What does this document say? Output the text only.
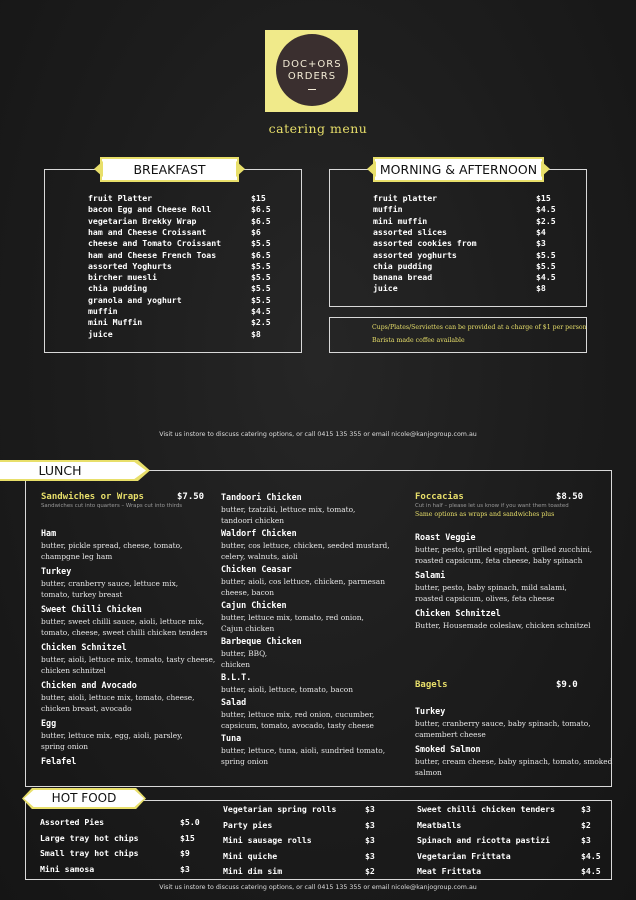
DOC+ORS
ORDERS
catering menu
BREAKFAST
fruit Platter	$15
bacon Egg and Cheese Roll	$6.5
vegetarian Brekky Wrap	$6.5
ham and Cheese Croissant	$6
cheese and Tomato Croissant	$5.5
ham and Cheese French Toas	$6.5
assorted Yoghurts	$5.5
bircher muesli	$5.5
chia pudding	$5.5
granola and yoghurt	$5.5
muffin	$4.5
mini Muffin	$2.5
juice	$8
MORNING & AFTERNOON
fruit platter	$15
muffin	$4.5
mini muffin	$2.5
assorted slices	$4
assorted cookies from	$3
assorted yoghurts	$5.5
chia pudding	$5.5
banana bread	$4.5
juice	$8
Cups/Plates/Serviettes can be provided at a charge of $1 per person
Barista made coffee available
Visit us instore to discuss catering options, or call 0415 135 355 or email nicole@kanjogroup.com.au
LUNCH
Sandwiches or Wraps	$7.50
Sandwiches cut into quarters – Wraps cut into thirds
Ham
butter, pickle spread, cheese, tomato,
champgne leg ham
Turkey
butter, cranberry sauce, lettuce mix,
tomato, turkey breast
Sweet Chilli Chicken
butter, sweet chilli sauce, aioli, lettuce mix,
tomato, cheese, sweet chilli chicken tenders
Chicken Schnitzel
butter, aioli, lettuce mix, tomato, tasty cheese,
chicken schnitzel
Chicken and Avocado
butter, aioli, lettuce mix, tomato, cheese,
chicken breast, avocado
Egg
butter, lettuce mix, egg, aioli, parsley,
spring onion
Felafel
Tandoori Chicken
butter, tzatziki, lettuce mix, tomato,
tandoori chicken
Waldorf Chicken
butter, cos lettuce, chicken, seeded mustard,
celery, walnuts, aioli
Chicken Ceasar
butter, aioli, cos lettuce, chicken, parmesan
cheese, bacon
Cajun Chicken
butter, lettuce mix, tomato, red onion,
Cajun chicken
Barbeque Chicken
butter, BBQ,
chicken
B.L.T.
butter, aioli, lettuce, tomato, bacon
Salad
butter, lettuce mix, red onion, cucumber,
capsicum, tomato, avocado, tasty cheese
Tuna
butter, lettuce, tuna, aioli, sundried tomato,
spring onion
Foccacias	$8.50
Cut in half – please let us know if you want them toasted
Same options as wraps and sandwiches plus
Roast Veggie
butter, pesto, grilled eggplant, grilled zucchini,
roasted capsicum, feta cheese, baby spinach
Salami
butter, pesto, baby spinach, mild salami,
roasted capsicum, olives, feta cheese
Chicken Schnitzel
Butter, Housemade coleslaw, chicken schnitzel
Bagels	$9.0
Turkey
butter, cranberry sauce, baby spinach, tomato,
camembert cheese
Smoked Salmon
butter, cream cheese, baby spinach, tomato, smoked
salmon
HOT FOOD
Assorted Pies	$5.0
Large tray hot chips	$15
Small tray hot chips	$9
Mini samosa	$3
Vegetarian spring rolls	$3
Party pies	$3
Mini sausage rolls	$3
Mini quiche	$3
Mini dim sim	$2
Sweet chilli chicken tenders	$3
Meatballs	$2
Spinach and ricotta pastizi	$3
Vegetarian Frittata	$4.5
Meat Frittata	$4.5
Visit us instore to discuss catering options, or call 0415 135 355 or email nicole@kanjogroup.com.au
